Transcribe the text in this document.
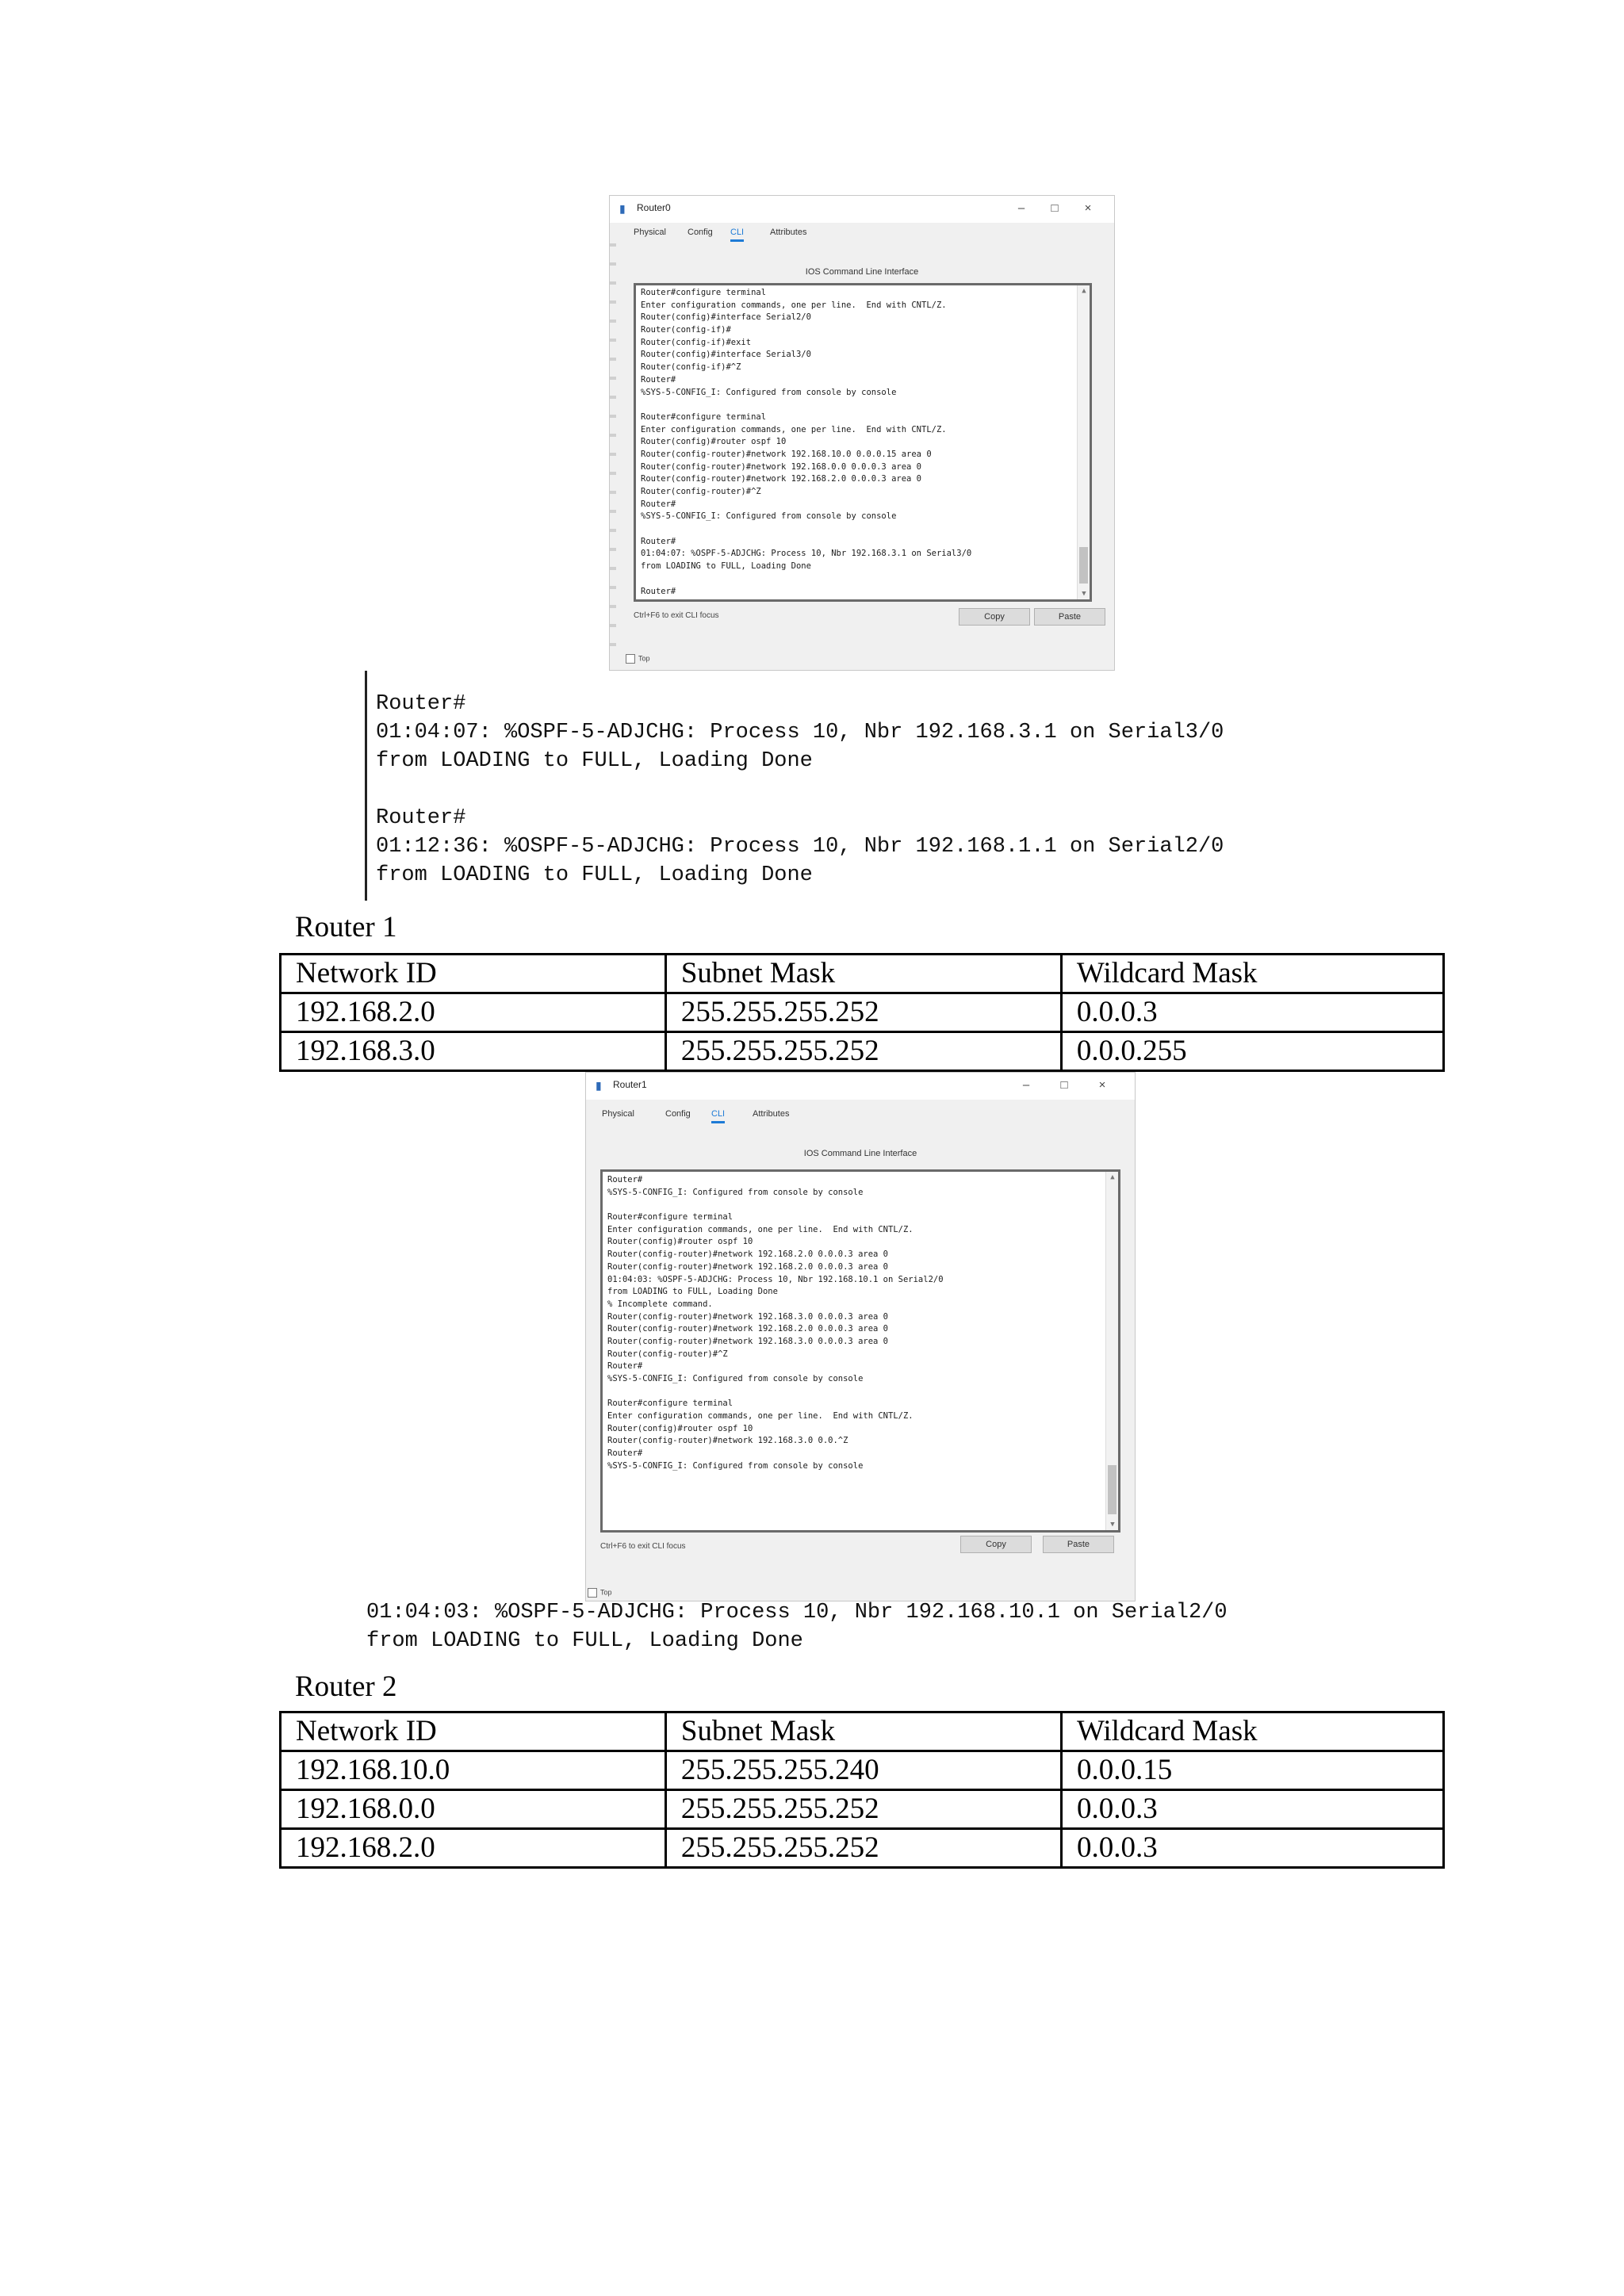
▮	Router0	–	□	×
Physical Config CLI	Attributes
IOS Command Line Interface
Router#configure terminal
Enter configuration commands, one per line.  End with CNTL/Z.
Router(config)#interface Serial2/0
Router(config-if)#
Router(config-if)#exit
Router(config)#interface Serial3/0
Router(config-if)#^Z
Router#
%SYS-5-CONFIG_I: Configured from console by console
Router#configure terminal
Enter configuration commands, one per line.  End with CNTL/Z.
Router(config)#router ospf 10
Router(config-router)#network 192.168.10.0 0.0.0.15 area 0
Router(config-router)#network 192.168.0.0 0.0.0.3 area 0
Router(config-router)#network 192.168.2.0 0.0.0.3 area 0
Router(config-router)#^Z
Router#
%SYS-5-CONFIG_I: Configured from console by console
Router#
01:04:07: %OSPF-5-ADJCHG: Process 10, Nbr 192.168.3.1 on Serial3/0
from LOADING to FULL, Loading Done
Router#
▲
▼
Ctrl+F6 to exit CLI focus	Copy	Paste
Top
Router#
01:04:07: %OSPF-5-ADJCHG: Process 10, Nbr 192.168.3.1 on Serial3/0
from LOADING to FULL, Loading Done
Router#
01:12:36: %OSPF-5-ADJCHG: Process 10, Nbr 192.168.1.1 on Serial2/0
from LOADING to FULL, Loading Done
Router 1
Network ID	Subnet Mask	Wildcard Mask
192.168.2.0	255.255.255.252	0.0.0.3
192.168.3.0	255.255.255.252	0.0.0.255
▮	Router1	–	□	×
Physical	Config CLI	Attributes
IOS Command Line Interface
Router#
%SYS-5-CONFIG_I: Configured from console by console
Router#configure terminal
Enter configuration commands, one per line.  End with CNTL/Z.
Router(config)#router ospf 10
Router(config-router)#network 192.168.2.0 0.0.0.3 area 0
Router(config-router)#network 192.168.2.0 0.0.0.3 area 0
01:04:03: %OSPF-5-ADJCHG: Process 10, Nbr 192.168.10.1 on Serial2/0
from LOADING to FULL, Loading Done
% Incomplete command.
Router(config-router)#network 192.168.3.0 0.0.0.3 area 0
Router(config-router)#network 192.168.2.0 0.0.0.3 area 0
Router(config-router)#network 192.168.3.0 0.0.0.3 area 0
Router(config-router)#^Z
Router#
%SYS-5-CONFIG_I: Configured from console by console
Router#configure terminal
Enter configuration commands, one per line.  End with CNTL/Z.
Router(config)#router ospf 10
Router(config-router)#network 192.168.3.0 0.0.^Z
Router#
%SYS-5-CONFIG_I: Configured from console by console
▲
▼
Ctrl+F6 to exit CLI focus	Copy	Paste
Top
01:04:03: %OSPF-5-ADJCHG: Process 10, Nbr 192.168.10.1 on Serial2/0
from LOADING to FULL, Loading Done
Router 2
Network ID	Subnet Mask	Wildcard Mask
192.168.10.0	255.255.255.240	0.0.0.15
192.168.0.0	255.255.255.252	0.0.0.3
192.168.2.0	255.255.255.252	0.0.0.3
